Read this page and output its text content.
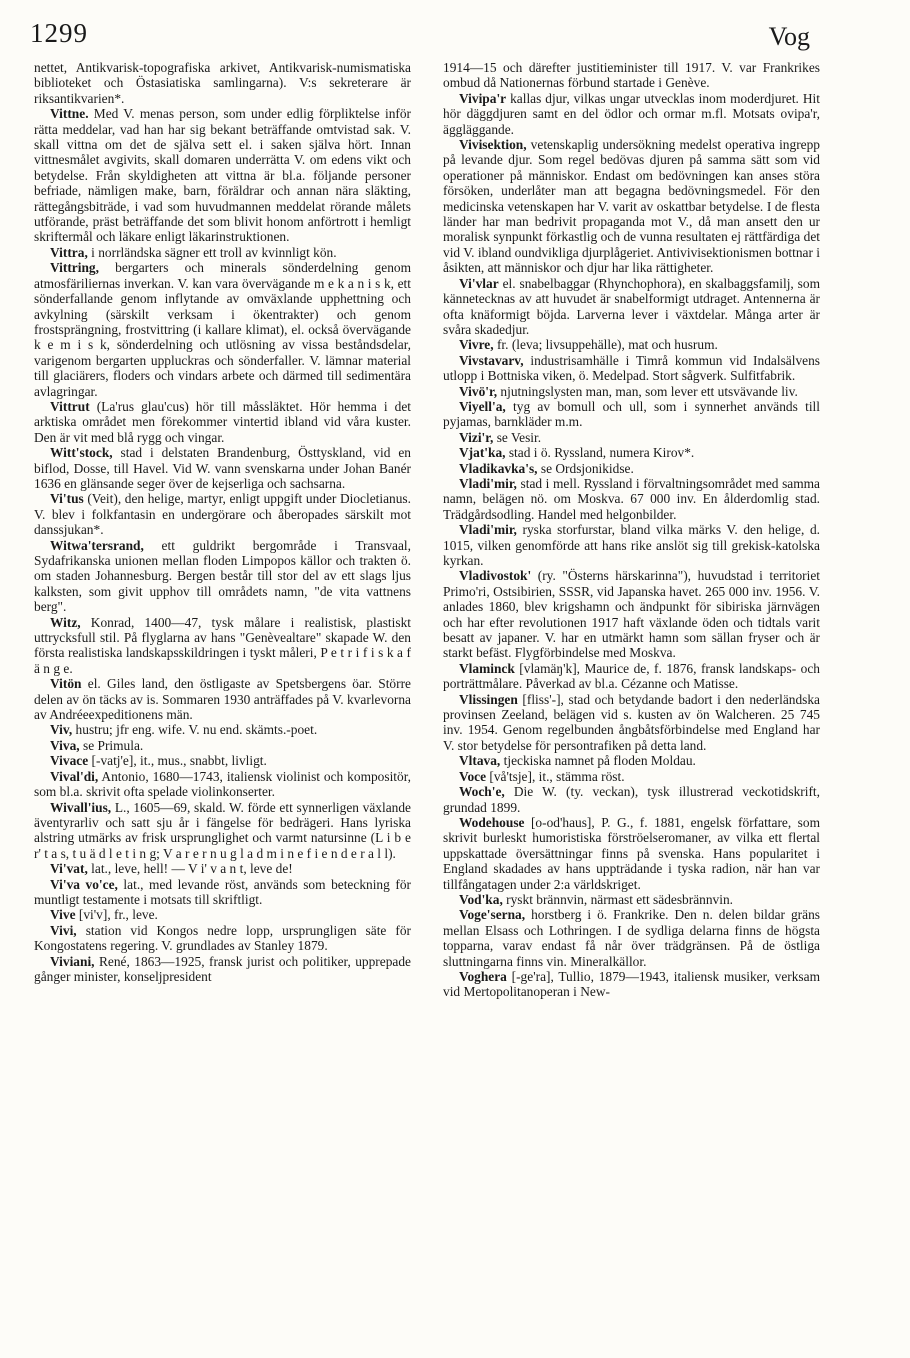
1299	Vog

nettet, Antikvarisk-topografiska arkivet, Antikvarisk-numismatiska biblioteket och Östasiatiska samlingarna). V:s sekreterare är riksantikvarien*.

Vittne. Med V. menas person, som under edlig förpliktelse inför rätta meddelar, vad han har sig bekant beträffande omtvistad sak. V. skall vittna om det de själva sett el. i saken själva hört. Innan vittnesmålet avgivits, skall domaren underrätta V. om edens vikt och betydelse. Från skyldigheten att vittna är bl.a. följande personer befriade, nämligen make, barn, föräldrar och annan nära släkting, rättegångsbiträde, i vad som huvudmannen meddelat rörande målets utförande, präst beträffande det som blivit honom anförtrott i hemligt skriftermål och läkare enligt läkarinstruktionen.

Vittra, i norrländska sägner ett troll av kvinnligt kön.

Vittring, bergarters och minerals sönderdelning genom atmosfäriliernas inverkan. V. kan vara övervägande m e k a n i s k, ett sönderfallande genom inflytande av omväxlande upphettning och avkylning (särskilt verksam i ökentrakter) och genom frostsprängning, frostvittring (i kallare klimat), el. också övervägande k e m i s k, sönderdelning och utlösning av vissa beståndsdelar, varigenom bergarten uppluckras och sönderfaller. V. lämnar material till glaciärers, floders och vindars arbete och därmed till sedimentära avlagringar.

Vittrut (La'rus glau'cus) hör till måssläktet. Hör hemma i det arktiska området men förekommer vintertid ibland vid våra kuster. Den är vit med blå rygg och vingar.

Witt'stock, stad i delstaten Brandenburg, Östtyskland, vid en biflod, Dosse, till Havel. Vid W. vann svenskarna under Johan Banér 1636 en glänsande seger över de kejserliga och sachsarna.

Vi'tus (Veit), den helige, martyr, enligt uppgift under Diocletianus. V. blev i folkfantasin en undergörare och åberopades särskilt mot danssjukan*.

Witwa'tersrand, ett guldrikt bergområde i Transvaal, Sydafrikanska unionen mellan floden Limpopos källor och trakten ö. om staden Johannesburg. Bergen består till stor del av ett slags ljus kalksten, som givit upphov till områdets namn, "de vita vattnens berg".

Witz, Konrad, 1400—47, tysk målare i realistisk, plastiskt uttrycksfull stil. På flyglarna av hans "Genèvealtare" skapade W. den första realistiska landskapsskildringen i tyskt måleri, P e t r i f i s k a f ä n g e.

Vitön el. Giles land, den östligaste av Spetsbergens öar. Större delen av ön täcks av is. Sommaren 1930 anträffades på V. kvarlevorna av Andréeexpeditionens män.

Viv, hustru; jfr eng. wife. V. nu end. skämts.-poet.

Viva, se Primula.

Vivace [-vatj'e], it., mus., snabbt, livligt.

Vival'di, Antonio, 1680—1743, italiensk violinist och kompositör, som bl.a. skrivit ofta spelade violinkonserter.

Wivall'ius, L., 1605—69, skald. W. förde ett synnerligen växlande äventyrarliv och satt sju år i fängelse för bedrägeri. Hans lyriska alstring utmärks av frisk ursprunglighet och varmt natursinne (L i b e r' t a s, t u ä d l e t i n g; V a r e r n u g l a d m i n e f i e n d e r a l l).

Vi'vat, lat., leve, hell! — V i' v a n t, leve de!

Vi'va vo'ce, lat., med levande röst, används som beteckning för muntligt testamente i motsats till skriftligt.

Vive [vi'v], fr., leve.

Vivi, station vid Kongos nedre lopp, ursprungligen säte för Kongostatens regering. V. grundlades av Stanley 1879.

Viviani, René, 1863—1925, fransk jurist och politiker, upprepade gånger minister, konseljpresident

1914—15 och därefter justitieminister till 1917. V. var Frankrikes ombud då Nationernas förbund startade i Genève.

Vivipa'r kallas djur, vilkas ungar utvecklas inom moderdjuret. Hit hör däggdjuren samt en del ödlor och ormar m.fl. Motsats ovipa'r, äggläggande.

Vivisektion, vetenskaplig undersökning medelst operativa ingrepp på levande djur. Som regel bedövas djuren på samma sätt som vid operationer på människor. Endast om bedövningen kan anses störa försöken, underlåter man att begagna bedövningsmedel. För den medicinska vetenskapen har V. varit av oskattbar betydelse. I de flesta länder har man bedrivit propaganda mot V., då man ansett den ur moralisk synpunkt förkastlig och de vunna resultaten ej rättfärdiga det vid V. ibland oundvikliga djurplågeriet. Antivivisektionismen bottnar i åsikten, att människor och djur har lika rättigheter.

Vi'vlar el. snabelbaggar (Rhynchophora), en skalbaggsfamilj, som kännetecknas av att huvudet är snabelformigt utdraget. Antennerna är ofta knäformigt böjda. Larverna lever i växtdelar. Många arter är svåra skadedjur.

Vivre, fr. (leva; livsuppehälle), mat och husrum.

Vivstavarv, industrisamhälle i Timrå kommun vid Indalsälvens utlopp i Bottniska viken, ö. Medelpad. Stort sågverk. Sulfitfabrik.

Vivö'r, njutningslysten man, man, som lever ett utsvävande liv.

Viyell'a, tyg av bomull och ull, som i synnerhet används till pyjamas, barnkläder m.m.

Vizi'r, se Vesir.

Vjat'ka, stad i ö. Ryssland, numera Kirov*.

Vladikavka's, se Ordsjonikidse.

Vladi'mir, stad i mell. Ryssland i förvaltningsområdet med samma namn, belägen nö. om Moskva. 67 000 inv. En ålderdomlig stad. Trädgårdsodling. Handel med helgonbilder.

Vladi'mir, ryska storfurstar, bland vilka märks V. den helige, d. 1015, vilken genomförde att hans rike anslöt sig till grekisk-katolska kyrkan.

Vladivostok' (ry. "Österns härskarinna"), huvudstad i territoriet Primo'ri, Ostsibirien, SSSR, vid Japanska havet. 265 000 inv. 1956. V. anlades 1860, blev krigshamn och ändpunkt för sibiriska järnvägen och har efter revolutionen 1917 haft växlande öden och tidtals varit besatt av japaner. V. har en utmärkt hamn som sällan fryser och är starkt befäst. Flygförbindelse med Moskva.

Vlaminck [vlamäŋ'k], Maurice de, f. 1876, fransk landskaps- och porträttmålare. Påverkad av bl.a. Cézanne och Matisse.

Vlissingen [fliss'-], stad och betydande badort i den nederländska provinsen Zeeland, belägen vid s. kusten av ön Walcheren. 25 745 inv. 1954. Genom regelbunden ångbåtsförbindelse med England har V. stor betydelse för persontrafiken på detta land.

Vltava, tjeckiska namnet på floden Moldau.

Voce [vå'tsje], it., stämma röst.

Woch'e, Die W. (ty. veckan), tysk illustrerad veckotidskrift, grundad 1899.

Wodehouse [o-od'haus], P. G., f. 1881, engelsk författare, som skrivit burleskt humoristiska förströelseromaner, av vilka ett flertal uppskattade översättningar finns på svenska. Hans popularitet i England skadades av hans uppträdande i tyska radion, när han var tillfångatagen under 2:a världskriget.

Vod'ka, ryskt brännvin, närmast ett sädesbrännvin.

Voge'serna, horstberg i ö. Frankrike. Den n. delen bildar gräns mellan Elsass och Lothringen. I de sydliga delarna finns de högsta topparna, varav endast få når över trädgränsen. På de östliga sluttningarna finns vin. Mineralkällor.

Voghera [-ge'ra], Tullio, 1879—1943, italiensk musiker, verksam vid Mertopolitanoperan i New-
